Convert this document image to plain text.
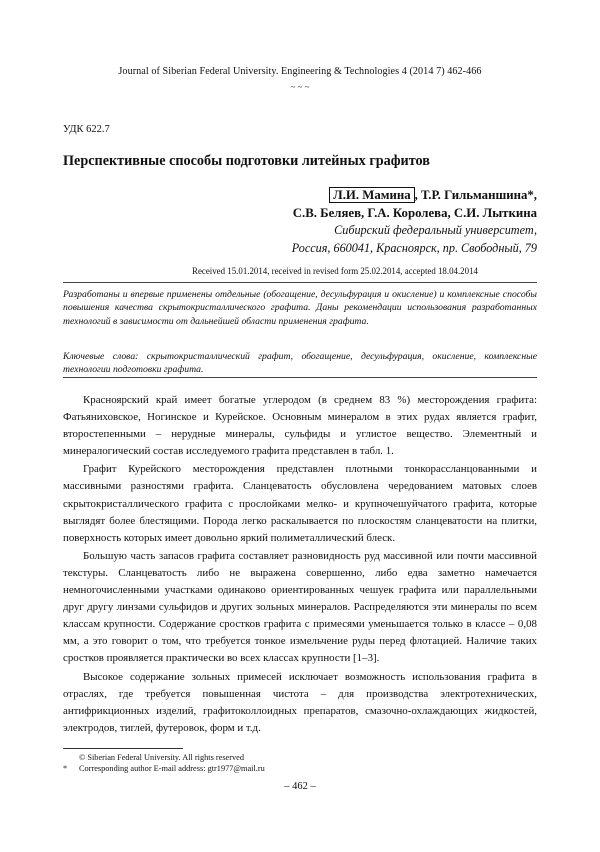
Journal of Siberian Federal University. Engineering & Technologies 4 (2014 7) 462-466
~ ~ ~
УДК 622.7
Перспективные способы подготовки литейных графитов
Л.И. Мамина , Т.Р. Гильманшина*,
С.В. Беляев, Г.А. Королева, С.И. Лыткина
Сибирский федеральный университет,
Россия, 660041, Красноярск, пр. Свободный, 79
Received 15.01.2014, received in revised form 25.02.2014, accepted 18.04.2014
Разработаны и впервые применены отдельные (обогащение, десульфурация и окисление) и комплексные способы повышения качества скрытокристаллического графита. Даны рекомендации использования разработанных технологий в зависимости от дальнейшей области применения графита.
Ключевые слова: скрытокристаллический графит, обогащение, десульфурация, окисление, комплексные технологии подготовки графита.

Красноярский край имеет богатые углеродом (в среднем 83 %) месторождения графита: Фатьяниховское, Ногинское и Курейское. Основным минералом в этих рудах является графит, второстепенными – нерудные минералы, сульфиды и углистое вещество. Элементный и минералогический состав исследуемого графита представлен в табл. 1.

Графит Курейского месторождения представлен плотными тонкорассланцованными и массивными разностями графита. Сланцеватость обусловлена чередованием матовых слоев скрытокристаллического графита с прослойками мелко- и крупночешуйчатого графита, которые выглядят более блестящими. Порода легко раскалывается по плоскостям сланцеватости на плитки, поверхность которых имеет довольно яркий полиметаллический блеск.

Большую часть запасов графита составляет разновидность руд массивной или почти массивной текстуры. Сланцеватость либо не выражена совершенно, либо едва заметно намечается немногочисленными участками одинаково ориентированных чешуек графита или параллельными друг другу линзами сульфидов и других зольных минералов. Распределяются эти минералы по всем классам крупности. Содержание сростков графита с примесями уменьшается только в классе – 0,08 мм, а это говорит о том, что требуется тонкое измельчение руды перед флотацией. Наличие таких сростков проявляется практически во всех классах крупности [1–3].

Высокое содержание зольных примесей исключает возможность использования графита в отраслях, где требуется повышенная чистота – для производства электротехнических, антифрикционных изделий, графитоколлоидных препаратов, смазочно-охлаждающих жидкостей, электродов, тиглей, футеровок, форм и т.д.

© Siberian Federal University. All rights reserved
* Corresponding author E-mail address: gtr1977@mail.ru
– 462 –
